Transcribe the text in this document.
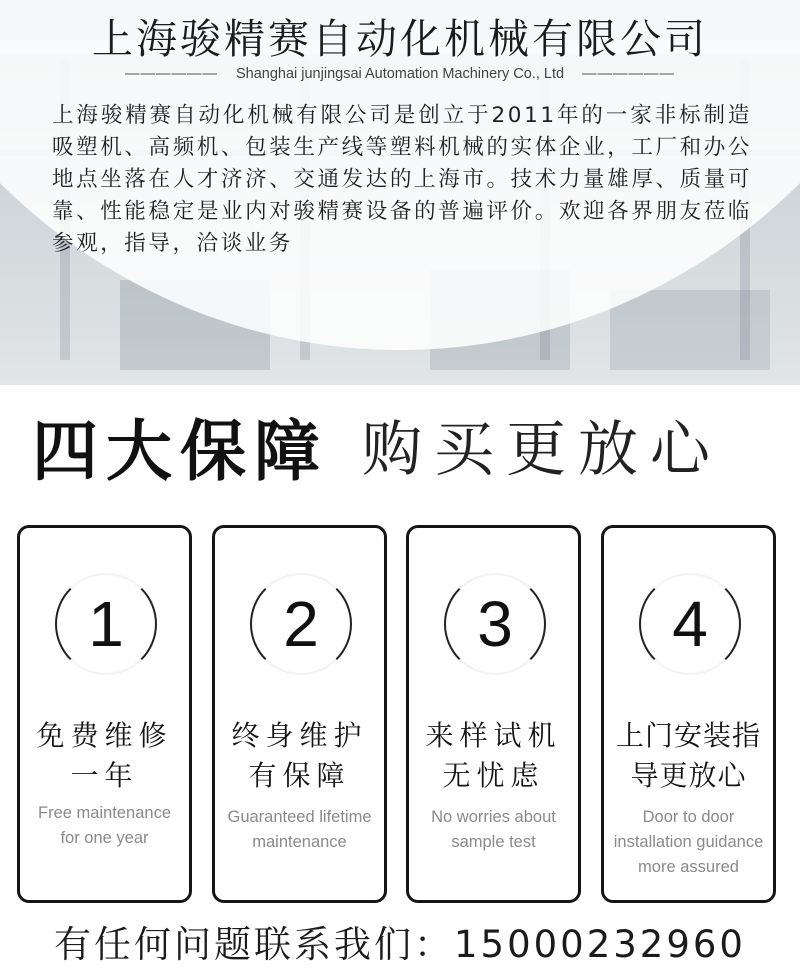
上海骏精赛自动化机械有限公司
—————— Shanghai junjingsai Automation Machinery Co., Ltd ——————

上海骏精赛自动化机械有限公司是创立于2011年的一家非标制造吸塑机、高频机、包装生产线等塑料机械的实体企业，工厂和办公地点坐落在人才济济、交通发达的上海市。技术力量雄厚、质量可靠、性能稳定是业内对骏精赛设备的普遍评价。欢迎各界朋友莅临参观，指导，洽谈业务

四大保障 购买更放心
1
免费维修
一年
Free maintenance
for one year
2
终身维护
有保障
Guaranteed lifetime
maintenance
3
来样试机
无忧虑
No worries about
sample test
4
上门安装指
导更放心
Door to door
installation guidance
more assured
有任何问题联系我们：15000232960
